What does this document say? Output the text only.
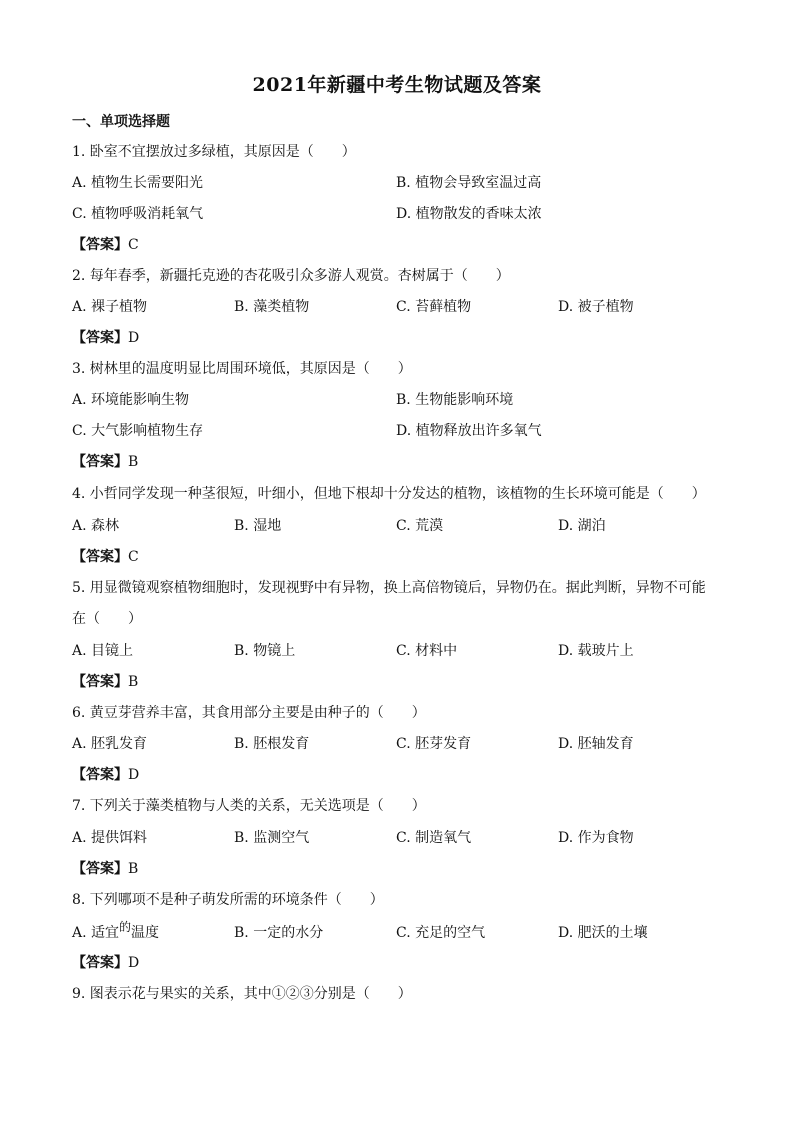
2021年新疆中考生物试题及答案
一、单项选择题
1. 卧室不宜摆放过多绿植，其原因是（　　）
A. 植物生长需要阳光	B. 植物会导致室温过高
C. 植物呼吸消耗氧气	D. 植物散发的香味太浓
【答案】C
2. 每年春季，新疆托克逊的杏花吸引众多游人观赏。杏树属于（　　）
A. 裸子植物	B. 藻类植物	C. 苔藓植物	D. 被子植物
【答案】D
3. 树林里的温度明显比周围环境低，其原因是（　　）
A. 环境能影响生物	B. 生物能影响环境
C. 大气影响植物生存	D. 植物释放出许多氧气
【答案】B
4. 小哲同学发现一种茎很短，叶细小，但地下根却十分发达的植物，该植物的生长环境可能是（　　）
A. 森林	B. 湿地	C. 荒漠	D. 湖泊
【答案】C
5. 用显微镜观察植物细胞时，发现视野中有异物，换上高倍物镜后，异物仍在。据此判断，异物不可能
在（　　）
A. 目镜上	B. 物镜上	C. 材料中	D. 载玻片上
【答案】B
6. 黄豆芽营养丰富，其食用部分主要是由种子的（　　）
A. 胚乳发育	B. 胚根发育	C. 胚芽发育	D. 胚轴发育
【答案】D
7. 下列关于藻类植物与人类的关系，无关选项是（　　）
A. 提供饵料	B. 监测空气	C. 制造氧气	D. 作为食物
【答案】B
8. 下列哪项不是种子萌发所需的环境条件（　　）
A. 适宜的温度	B. 一定的水分	C. 充足的空气	D. 肥沃的土壤
【答案】D
9. 图表示花与果实的关系，其中①②③分别是（　　）
